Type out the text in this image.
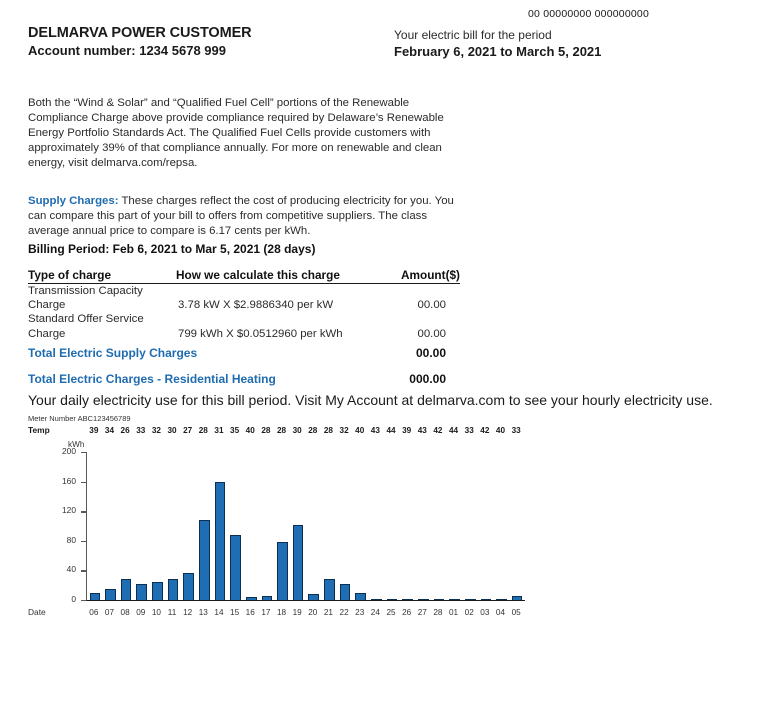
00 00000000 000000000
DELMARVA POWER CUSTOMER
Account number: 1234 5678 999
Your electric bill for the period
February 6, 2021 to March 5, 2021
Both the “Wind & Solar” and “Qualified Fuel Cell” portions of the Renewable Compliance Charge above provide compliance required by Delaware’s Renewable Energy Portfolio Standards Act. The Qualified Fuel Cells provide customers with approximately 39% of that compliance annually. For more on renewable and clean energy, visit delmarva.com/repsa.
Supply Charges: These charges reflect the cost of producing electricity for you. You can compare this part of your bill to offers from competitive suppliers. The class average annual price to compare is 6.17 cents per kWh.
Billing Period: Feb 6, 2021 to Mar 5, 2021 (28 days)
Type of charge	How we calculate this charge	Amount($)
Transmission Capacity Charge	3.78 kW X $2.9886340 per kW	00.00
Standard Offer Service Charge	799 kWh X $0.0512960 per kWh	00.00
Total Electric Supply Charges		00.00
Total Electric Charges - Residential Heating		000.00
Your daily electricity use for this bill period. Visit My Account at delmarva.com to see your hourly electricity use.
Meter Number ABC123456789
Temp	39 34 26 33 32 30 27 28 31 35 40 28 28 30 28 28 32 40 43 44 39 43 42 44 33 42 40 33
kWh
0
40
80
120
160
200
Date	06 07 08 09 10 11 12 13 14 15 16 17 18 19 20 21 22 23 24 25 26 27 28 01 02 03 04 05
